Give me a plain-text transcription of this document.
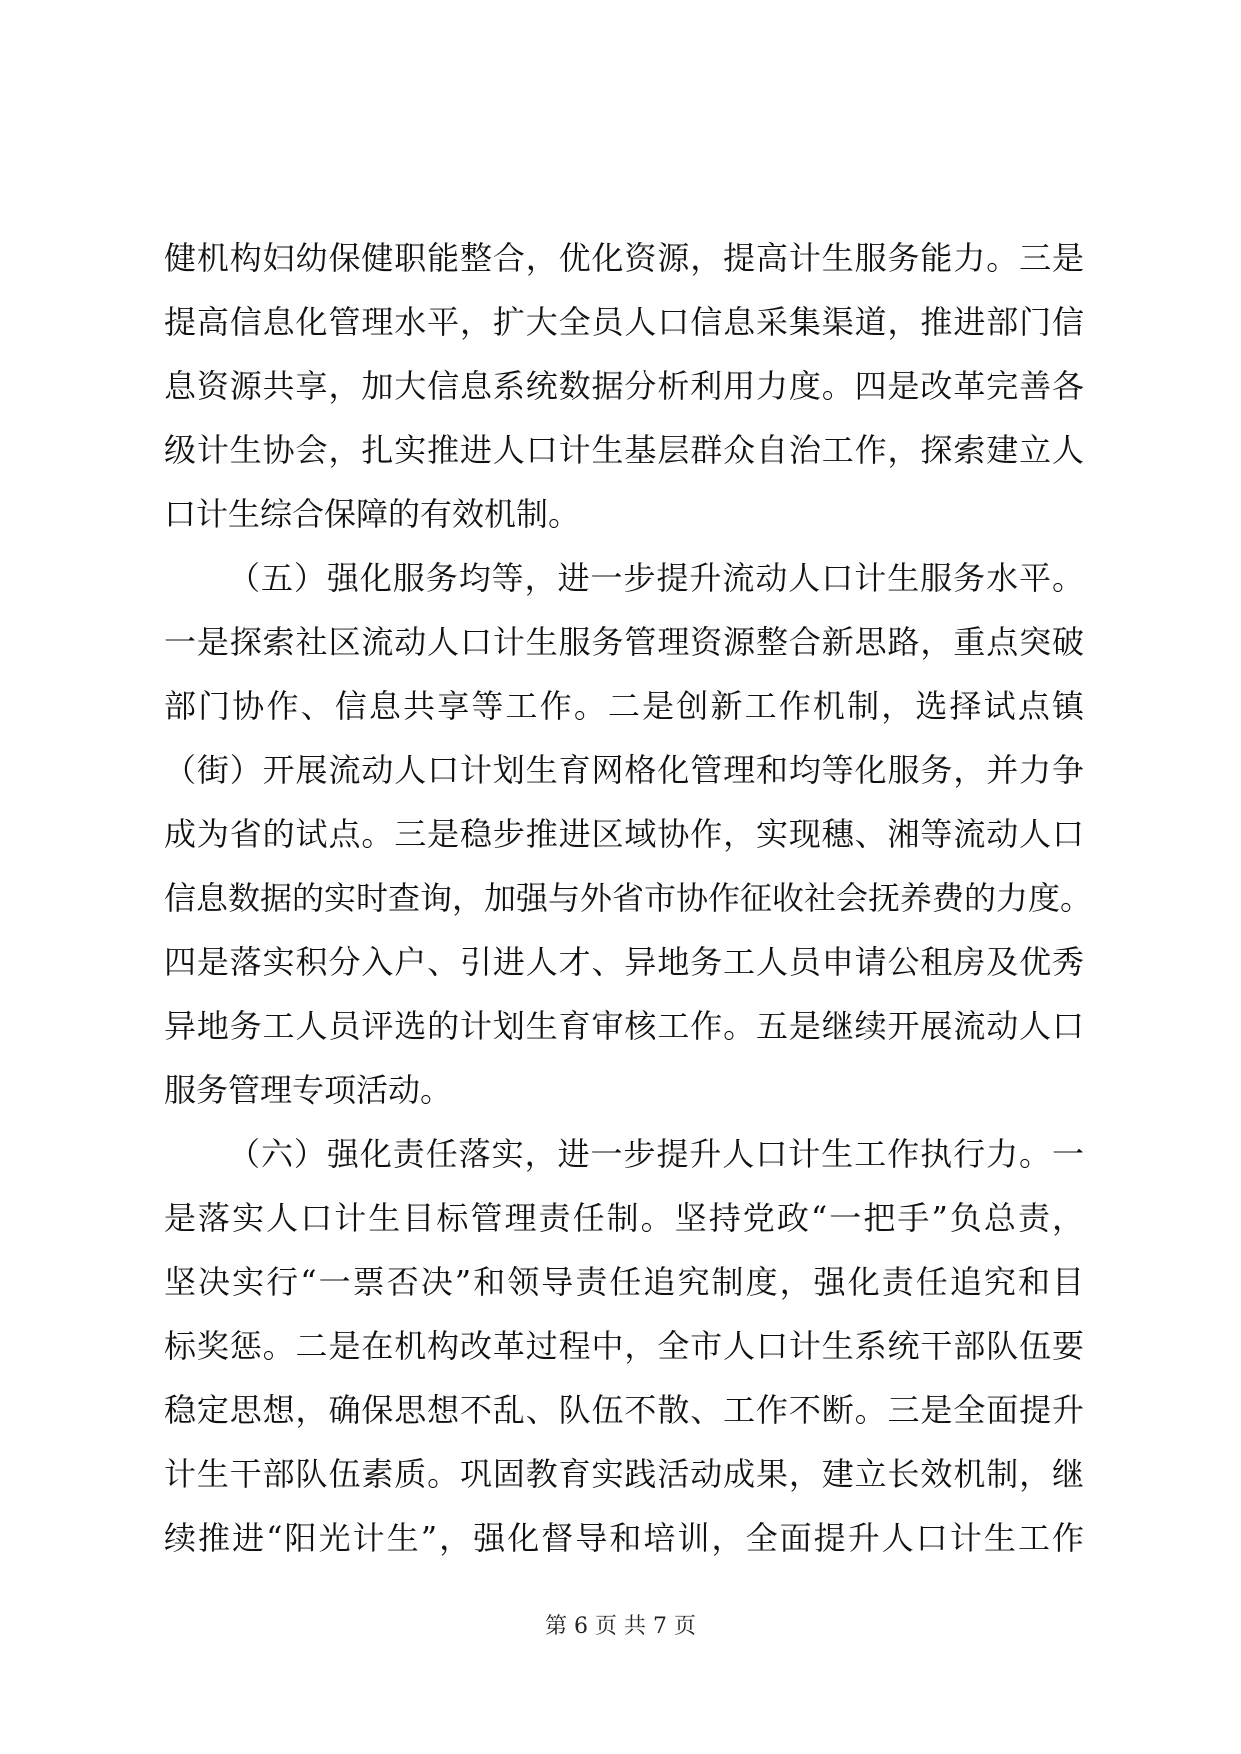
健机构妇幼保健职能整合，优化资源，提高计生服务能力。三是
提高信息化管理水平，扩大全员人口信息采集渠道，推进部门信
息资源共享，加大信息系统数据分析利用力度。四是改革完善各
级计生协会，扎实推进人口计生基层群众自治工作，探索建立人
口计生综合保障的有效机制。
（五）强化服务均等，进一步提升流动人口计生服务水平。
一是探索社区流动人口计生服务管理资源整合新思路，重点突破
部门协作、信息共享等工作。二是创新工作机制，选择试点镇
（街）开展流动人口计划生育网格化管理和均等化服务，并力争
成为省的试点。三是稳步推进区域协作，实现穗、湘等流动人口
信息数据的实时查询，加强与外省市协作征收社会抚养费的力度。
四是落实积分入户、引进人才、异地务工人员申请公租房及优秀
异地务工人员评选的计划生育审核工作。五是继续开展流动人口
服务管理专项活动。
（六）强化责任落实，进一步提升人口计生工作执行力。一
是落实人口计生目标管理责任制。坚持党政“一把手”负总责，
坚决实行“一票否决”和领导责任追究制度，强化责任追究和目
标奖惩。二是在机构改革过程中，全市人口计生系统干部队伍要
稳定思想，确保思想不乱、队伍不散、工作不断。三是全面提升
计生干部队伍素质。巩固教育实践活动成果，建立长效机制，继
续推进“阳光计生”，强化督导和培训，全面提升人口计生工作
第 6 页 共 7 页
